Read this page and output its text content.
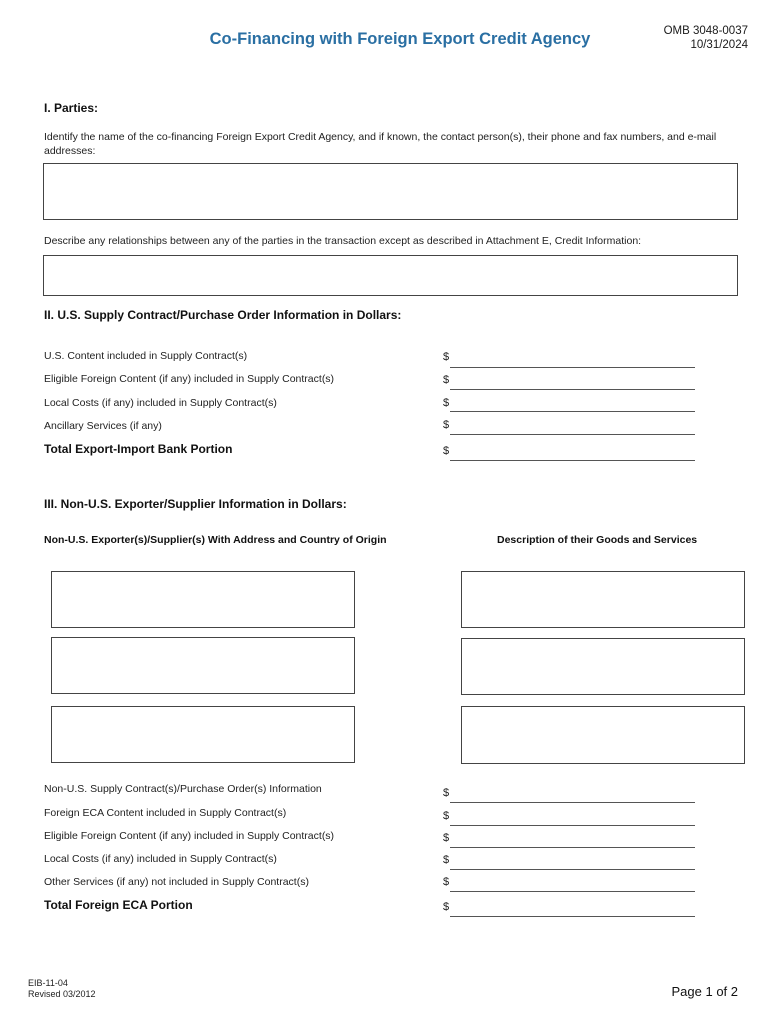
Co-Financing with Foreign Export Credit Agency	OMB 3048-0037
10/31/2024
I. Parties:
Identify the name of the co-financing Foreign Export Credit Agency, and if known, the contact person(s), their phone and fax numbers, and e-mail addresses:
Describe any relationships between any of the parties in the transaction except as described in Attachment E, Credit Information:
II. U.S. Supply Contract/Purchase Order Information in Dollars:
U.S. Content included in Supply Contract(s)	$
Eligible Foreign Content (if any) included in Supply Contract(s)	$
Local Costs (if any) included in Supply Contract(s)	$
Ancillary Services (if any)	$
Total Export-Import Bank Portion	$
III. Non-U.S. Exporter/Supplier Information in Dollars:
Non-U.S. Exporter(s)/Supplier(s) With Address and Country of Origin	Description of their Goods and Services
Non-U.S. Supply Contract(s)/Purchase Order(s) Information	$
Foreign ECA Content included in Supply Contract(s)	$
Eligible Foreign Content (if any) included in Supply Contract(s)	$
Local Costs (if any) included in Supply Contract(s)	$
Other Services (if any) not included in Supply Contract(s)	$
Total Foreign ECA Portion	$
EIB-11-04
Revised 03/2012	Page 1 of 2
